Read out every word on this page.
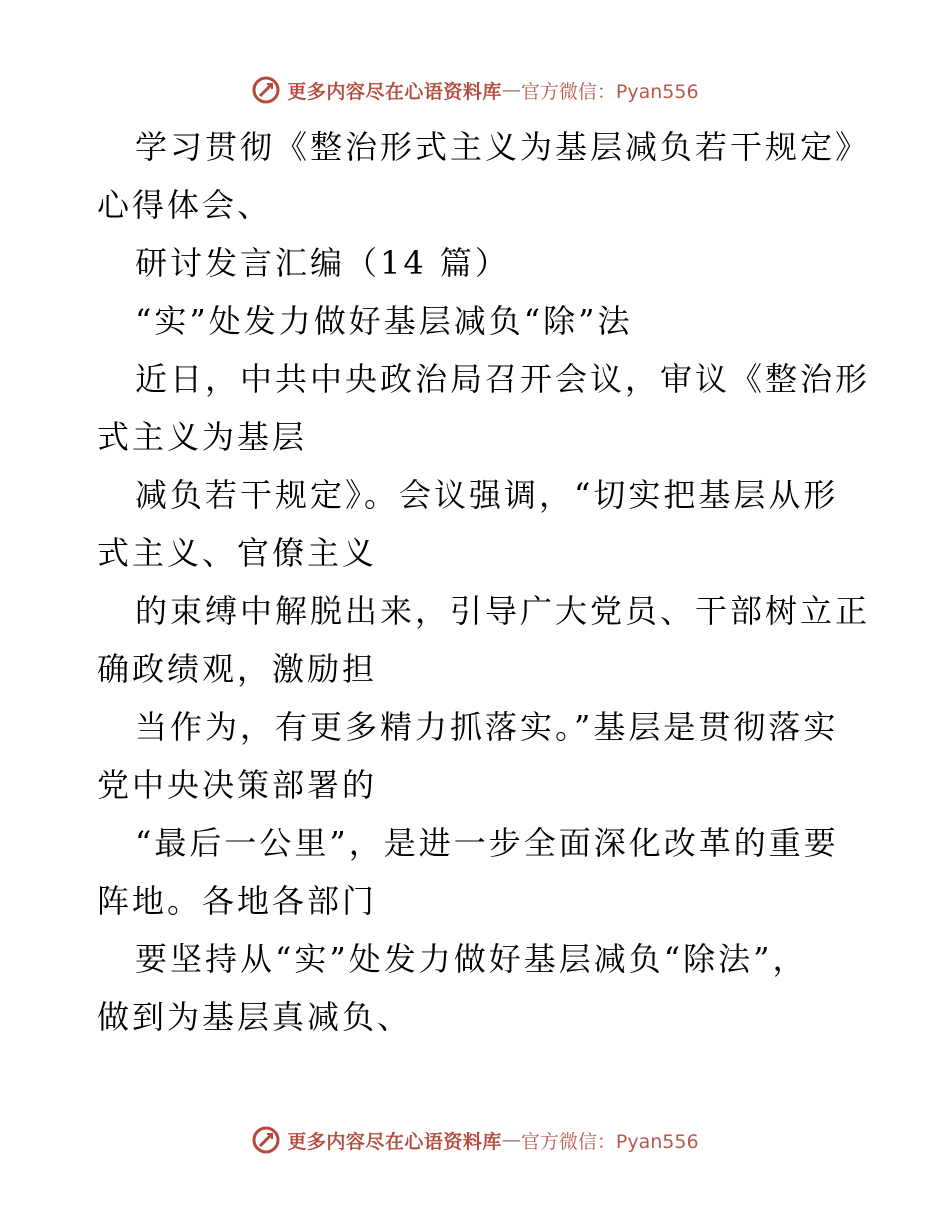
更多内容尽在心语资料库 — 官方微信：Pyan556
学习贯彻《整治形式主义为基层减负若干规定》
心得体会、
研讨发言汇编（14 篇）
“实”处发力做好基层减负“除”法
近日，中共中央政治局召开会议，审议《整治形
式主义为基层
减负若干规定》。会议强调，“切实把基层从形
式主义、官僚主义
的束缚中解脱出来，引导广大党员、干部树立正
确政绩观，激励担
当作为，有更多精力抓落实。”基层是贯彻落实
党中央决策部署的
“最后一公里”，是进一步全面深化改革的重要
阵地。各地各部门
要坚持从“实”处发力做好基层减负“除法”，
做到为基层真减负、
更多内容尽在心语资料库 — 官方微信：Pyan556
